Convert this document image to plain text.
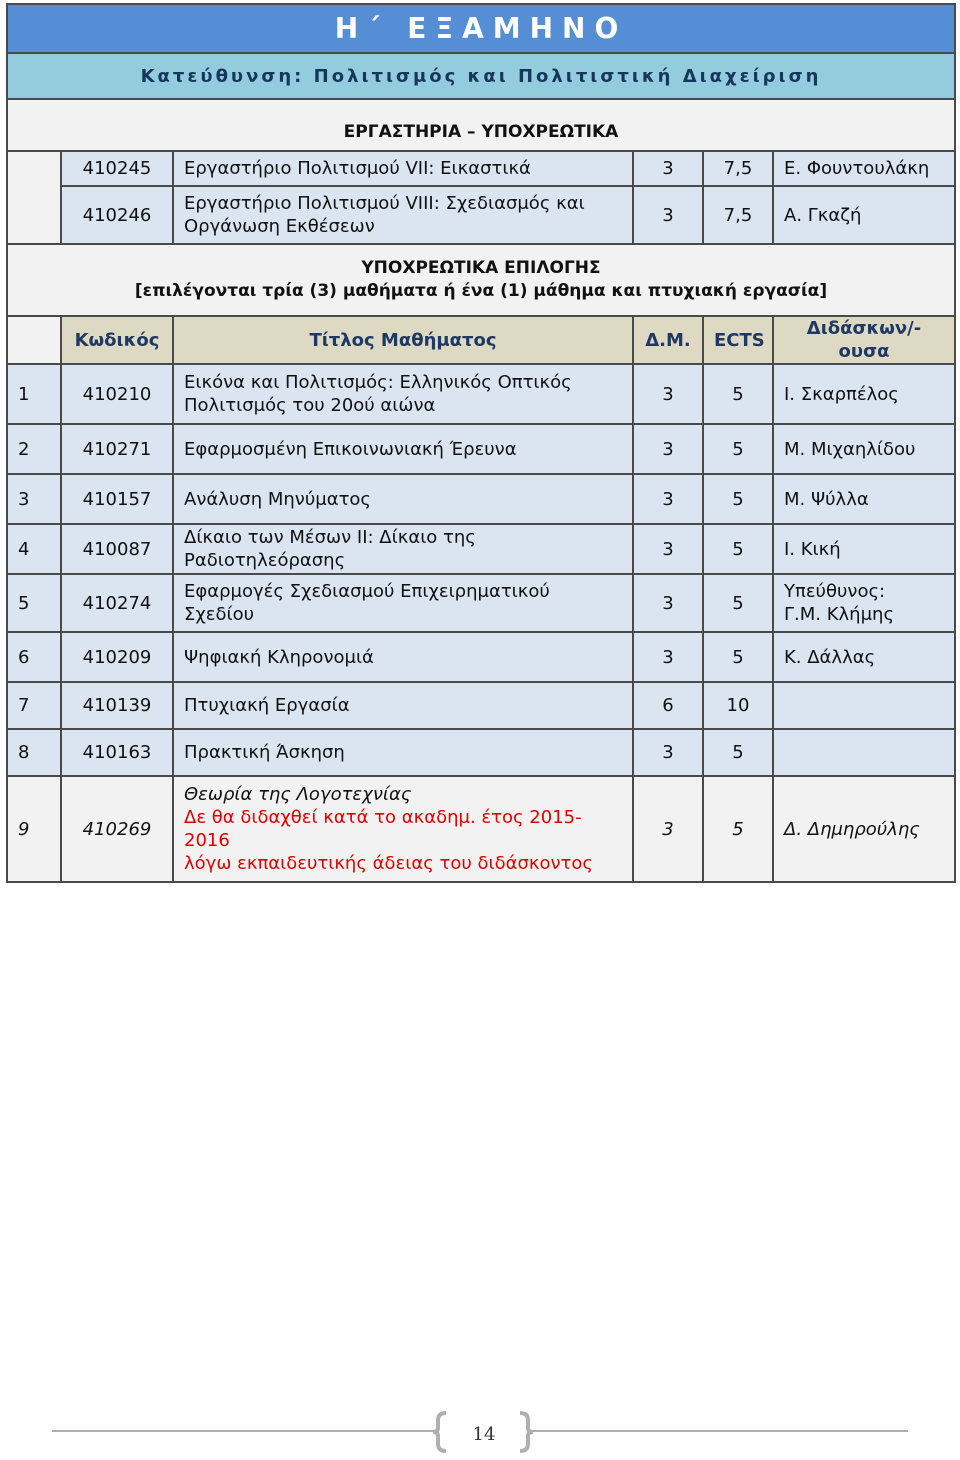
Η΄ ΕΞΑΜΗΝΟ					
Κατεύθυνση: Πολιτισμός και Πολιτιστική Διαχείριση					
ΕΡΓΑΣΤΗΡΙΑ – ΥΠΟΧΡΕΩΤΙΚΑ					
	410245	Εργαστήριο Πολιτισμού VII: Εικαστικά	3	7,5	Ε. Φουντουλάκη
	410246	Εργαστήριο Πολιτισμού VIII: Σχεδιασμός και
Οργάνωση Εκθέσεων	3	7,5	Α. Γκαζή

ΥΠΟΧΡΕΩΤΙΚΑ ΕΠΙΛΟΓΗΣ
[επιλέγονται τρία (3) μαθήματα ή ένα (1) μάθημα και πτυχιακή εργασία]					

	Κωδικός	Τίτλος Μαθήματος	Δ.Μ.	ECTS	Διδάσκων/-ουσα
1	410210	Εικόνα και Πολιτισμός: Ελληνικός Οπτικός
Πολιτισμός του 20ού αιώνα	3	5	Ι. Σκαρπέλος
2	410271	Εφαρμοσμένη Επικοινωνιακή Έρευνα	3	5	Μ. Μιχαηλίδου
3	410157	Ανάλυση Μηνύματος	3	5	Μ. Ψύλλα
4	410087	Δίκαιο των Μέσων ΙΙ: Δίκαιο της Ραδιοτηλεόρασης	3	5	Ι. Κική
5	410274	Εφαρμογές Σχεδιασμού Επιχειρηματικού Σχεδίου	3	5	Υπεύθυνος:
Γ.Μ. Κλήμης

6	410209	Ψηφιακή Κληρονομιά	3	5	Κ. Δάλλας
7	410139	Πτυχιακή Εργασία	6	10	
8	410163	Πρακτική Άσκηση	3	5	
9	410269	Θεωρία της Λογοτεχνίας
Δε θα διδαχθεί κατά το ακαδημ. έτος 2015-2016
λόγω εκπαιδευτικής άδειας του διδάσκοντος	3	5	Δ. Δημηρούλης
14
